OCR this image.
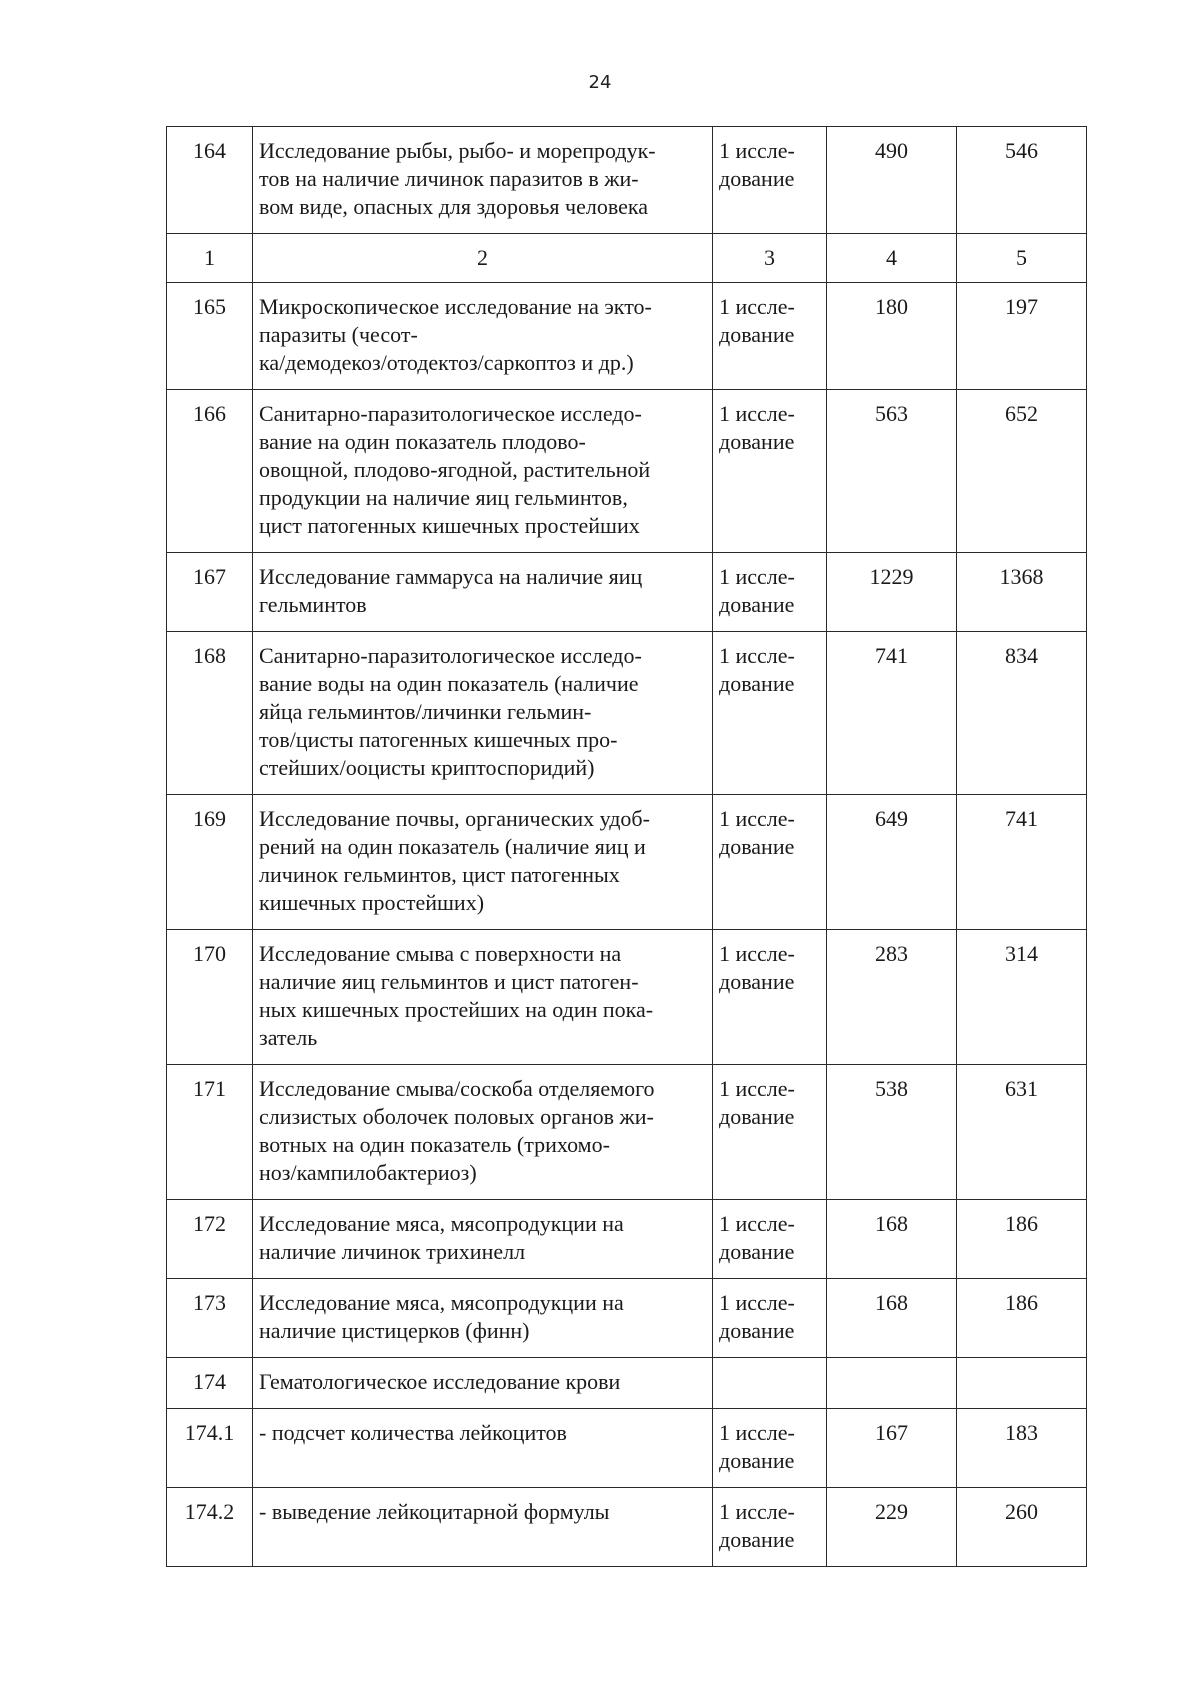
24
164	Исследование рыбы, рыбо- и морепродук-
тов на наличие личинок паразитов в жи-
вом виде, опасных для здоровья человека	1 иссле-
дование	490	546
1	2	3	4	5
165	Микроскопическое исследование на экто-
паразиты (чесот-
ка/демодекоз/отодектоз/саркоптоз и др.)	1 иссле-
дование	180	197
166	Санитарно-паразитологическое исследо-
вание на один показатель плодово-
овощной, плодово-ягодной, растительной
продукции на наличие яиц гельминтов,
цист патогенных кишечных простейших	1 иссле-
дование	563	652
167	Исследование гаммаруса на наличие яиц
гельминтов	1 иссле-
дование	1229	1368
168	Санитарно-паразитологическое исследо-
вание воды на один показатель (наличие
яйца гельминтов/личинки гельмин-
тов/цисты патогенных кишечных про-
стейших/ооцисты криптоспоридий)	1 иссле-
дование	741	834
169	Исследование почвы, органических удоб-
рений на один показатель (наличие яиц и
личинок гельминтов, цист патогенных
кишечных простейших)	1 иссле-
дование	649	741
170	Исследование смыва с поверхности на
наличие яиц гельминтов и цист патоген-
ных кишечных простейших на один пока-
затель	1 иссле-
дование	283	314
171	Исследование смыва/соскоба отделяемого
слизистых оболочек половых органов жи-
вотных на один показатель (трихомо-
ноз/кампилобактериоз)	1 иссле-
дование	538	631
172	Исследование мяса, мясопродукции на
наличие личинок трихинелл	1 иссле-
дование	168	186
173	Исследование мяса, мясопродукции на
наличие цистицерков (финн)	1 иссле-
дование	168	186
174	Гематологическое исследование крови			
174.1	- подсчет количества лейкоцитов	1 иссле-
дование	167	183
174.2	- выведение лейкоцитарной формулы	1 иссле-
дование	229	260
